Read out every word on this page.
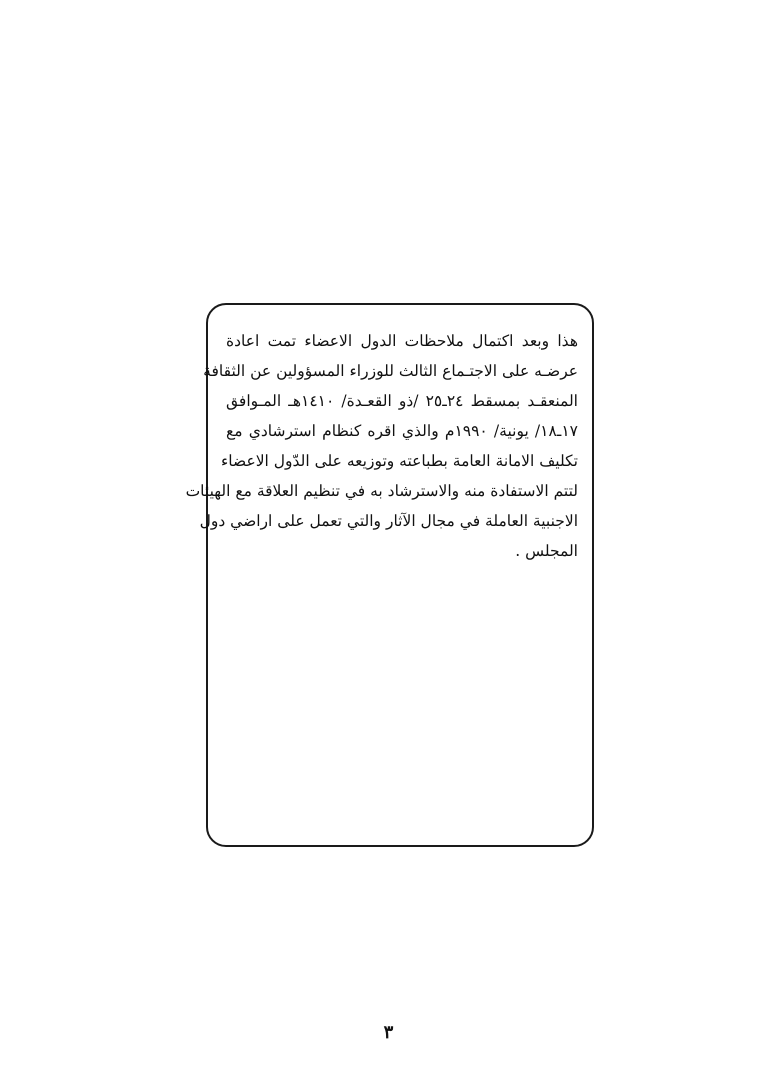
هذا وبعد اكتمال ملاحظات الدول الاعضاء تمت اعادة
عرضـه على الاجتـماع الثالث للوزراء المسؤولين عن الثقافة
المنعقـد بمسقط ٢٤ـ٢٥ /ذو القعـدة/ ١٤١٠هـ المـوافق
١٧ـ١٨/ يونية/ ١٩٩٠م والذي اقره كنظام استرشادي مع
تكليف الامانة العامة بطباعته وتوزيعه على الدّول الاعضاء
لتتم الاستفادة منه والاسترشاد به في تنظيم العلاقة مع الهيئات
الاجنبية العاملة في مجال الآثار والتي تعمل على اراضي دول
المجلس .
٣
